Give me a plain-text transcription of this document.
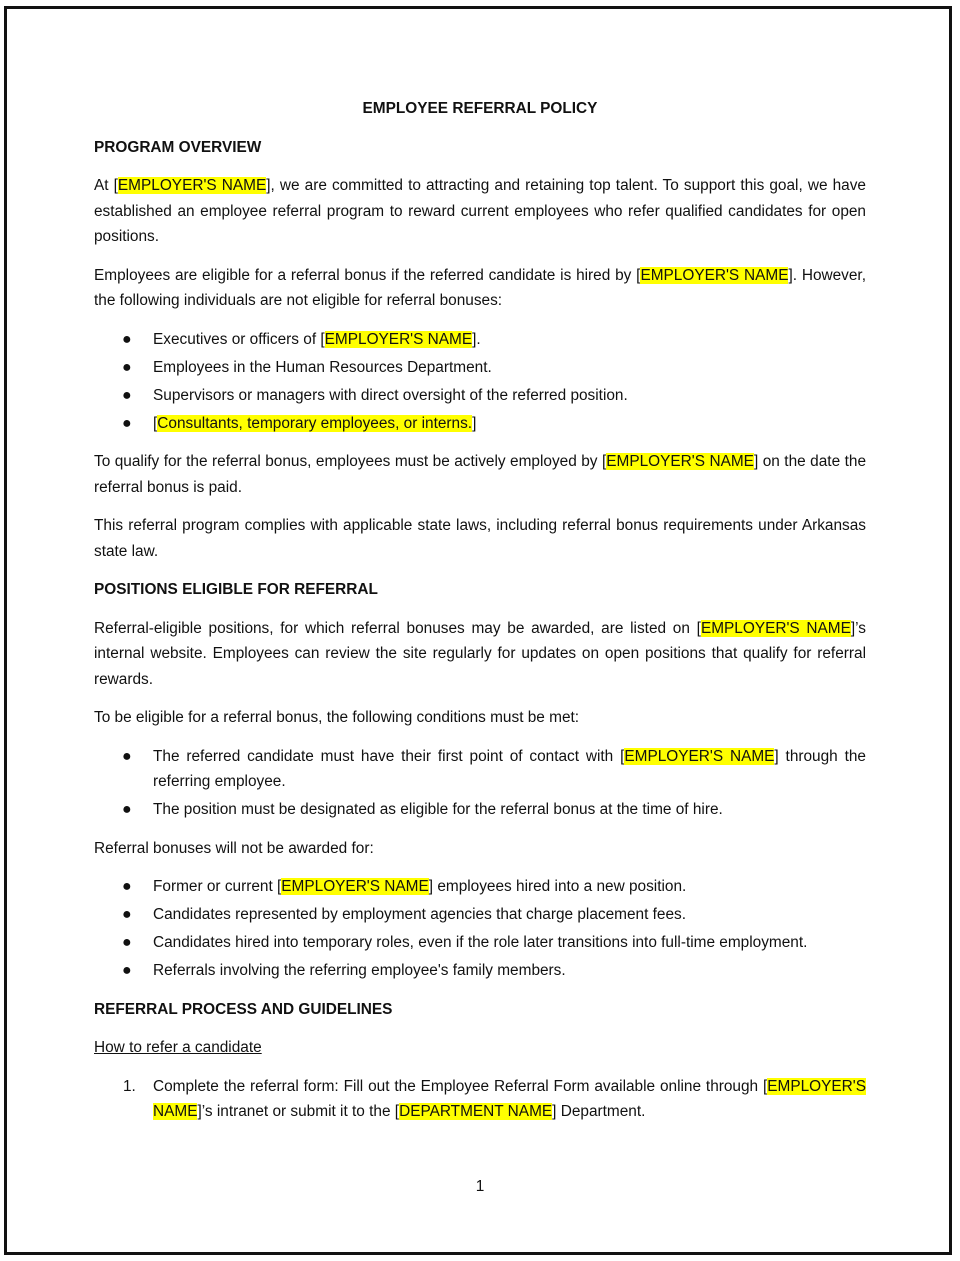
EMPLOYEE REFERRAL POLICY
PROGRAM OVERVIEW
At [EMPLOYER'S NAME], we are committed to attracting and retaining top talent. To support this goal, we have established an employee referral program to reward current employees who refer qualified candidates for open positions.
Employees are eligible for a referral bonus if the referred candidate is hired by [EMPLOYER'S NAME]. However, the following individuals are not eligible for referral bonuses:
● Executives or officers of [EMPLOYER'S NAME].
● Employees in the Human Resources Department.
● Supervisors or managers with direct oversight of the referred position.
● [Consultants, temporary employees, or interns.]
To qualify for the referral bonus, employees must be actively employed by [EMPLOYER'S NAME] on the date the referral bonus is paid.
This referral program complies with applicable state laws, including referral bonus requirements under Arkansas state law.
POSITIONS ELIGIBLE FOR REFERRAL
Referral-eligible positions, for which referral bonuses may be awarded, are listed on [EMPLOYER'S NAME]’s internal website. Employees can review the site regularly for updates on open positions that qualify for referral rewards.
To be eligible for a referral bonus, the following conditions must be met:
● The referred candidate must have their first point of contact with [EMPLOYER'S NAME] through the referring employee.
● The position must be designated as eligible for the referral bonus at the time of hire.
Referral bonuses will not be awarded for:
● Former or current [EMPLOYER'S NAME] employees hired into a new position.
● Candidates represented by employment agencies that charge placement fees.
● Candidates hired into temporary roles, even if the role later transitions into full-time employment.
● Referrals involving the referring employee's family members.
REFERRAL PROCESS AND GUIDELINES
How to refer a candidate
1. Complete the referral form: Fill out the Employee Referral Form available online through [EMPLOYER'S NAME]’s intranet or submit it to the [DEPARTMENT NAME] Department.
1
